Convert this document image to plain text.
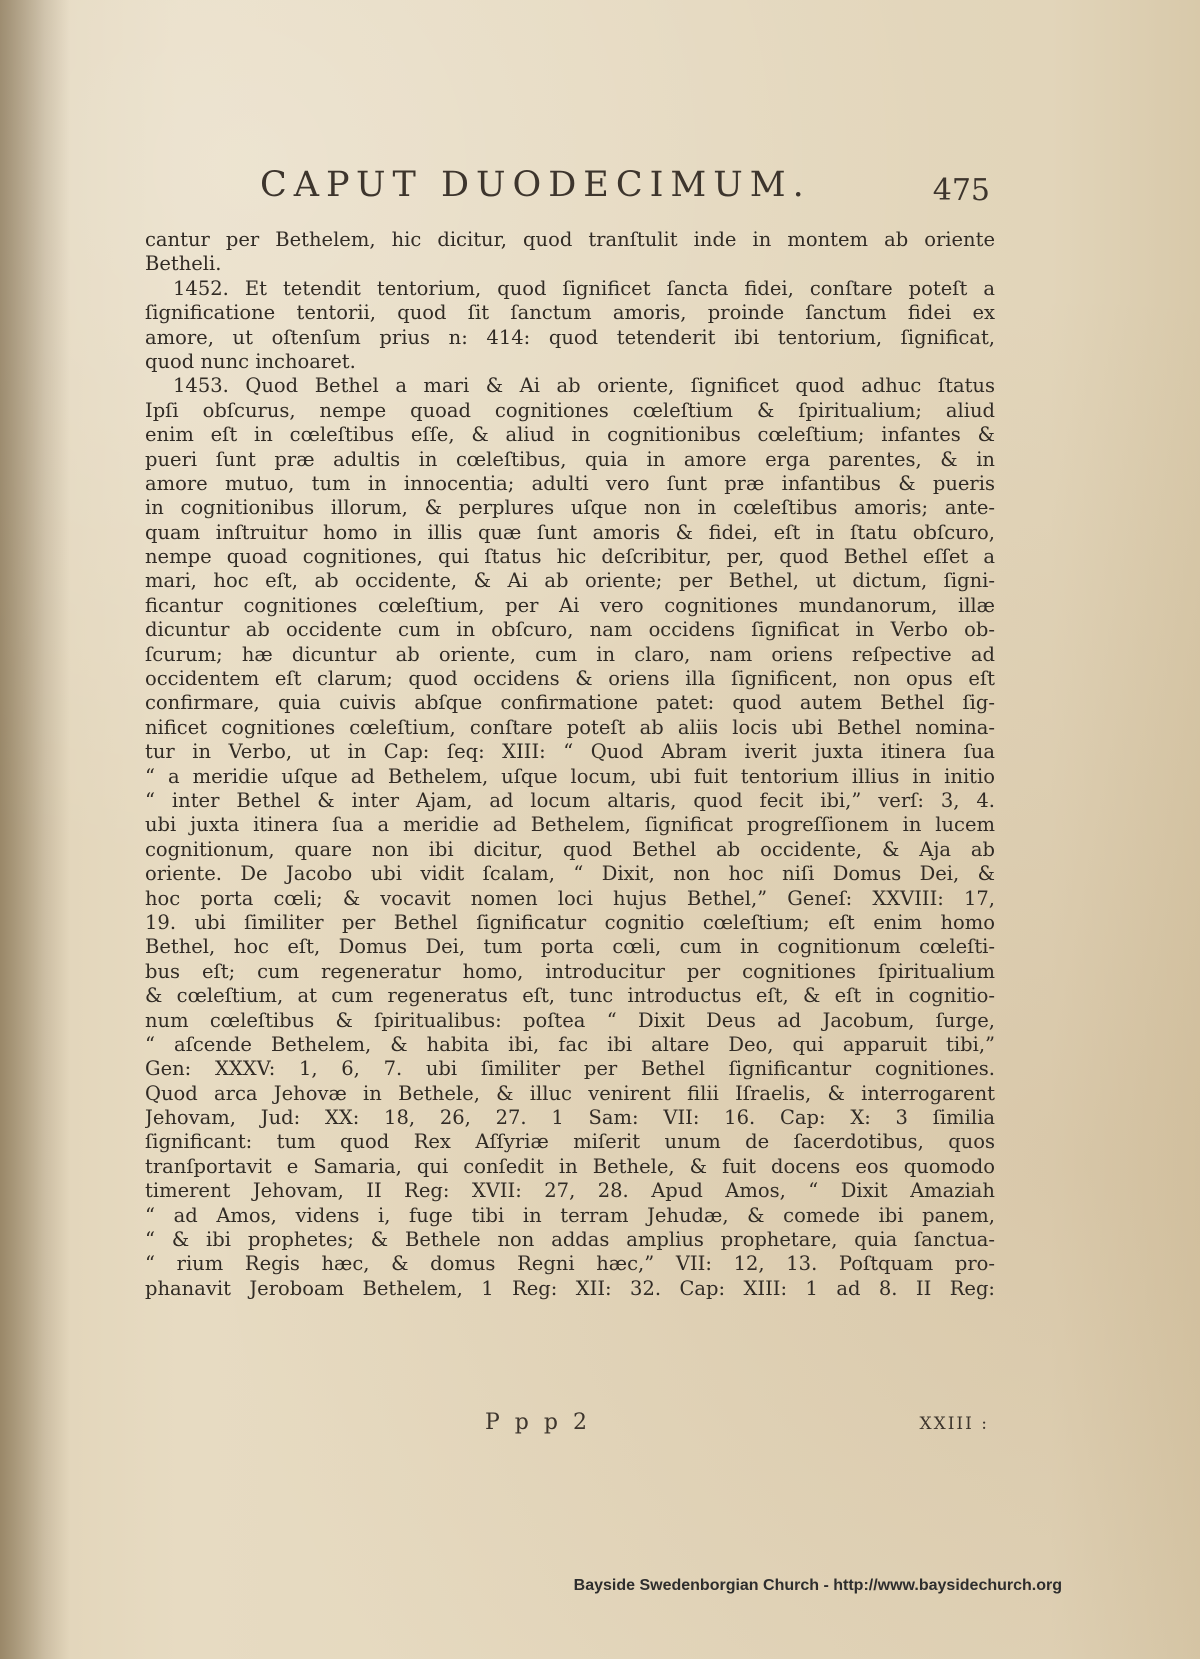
CAPUT DUODECIMUM.	475
cantur per Bethelem, hic dicitur, quod tranſtulit inde in montem ab oriente
Betheli.
1452. Et tetendit tentorium, quod ſignificet ſancta fidei, conſtare poteſt a
ſignificatione tentorii, quod ſit ſanctum amoris, proinde ſanctum fidei ex
amore, ut oſtenſum prius n: 414: quod tetenderit ibi tentorium, ſignificat,
quod nunc inchoaret.
1453. Quod Bethel a mari & Ai ab oriente, ſignificet quod adhuc ſtatus
Ipſi obſcurus, nempe quoad cognitiones cœleſtium & ſpiritualium; aliud
enim eſt in cœleſtibus eſſe, & aliud in cognitionibus cœleſtium; infantes &
pueri ſunt præ adultis in cœleſtibus, quia in amore erga parentes, & in
amore mutuo, tum in innocentia; adulti vero ſunt præ infantibus & pueris
in cognitionibus illorum, & perplures uſque non in cœleſtibus amoris; ante-
quam inſtruitur homo in illis quæ ſunt amoris & fidei, eſt in ſtatu obſcuro,
nempe quoad cognitiones, qui ſtatus hic deſcribitur, per, quod Bethel eſſet a
mari, hoc eſt, ab occidente, & Ai ab oriente; per Bethel, ut dictum, ſigni-
ficantur cognitiones cœleſtium, per Ai vero cognitiones mundanorum, illæ
dicuntur ab occidente cum in obſcuro, nam occidens ſignificat in Verbo ob-
ſcurum; hæ dicuntur ab oriente, cum in claro, nam oriens reſpective ad
occidentem eſt clarum; quod occidens & oriens illa ſignificent, non opus eſt
confirmare, quia cuivis abſque confirmatione patet: quod autem Bethel ſig-
nificet cognitiones cœleſtium, conſtare poteſt ab aliis locis ubi Bethel nomina-
tur in Verbo, ut in Cap: ſeq: XIII: “ Quod Abram iverit juxta itinera ſua
“ a meridie uſque ad Bethelem, uſque locum, ubi fuit tentorium illius in initio
“ inter Bethel & inter Ajam, ad locum altaris, quod fecit ibi,” verſ: 3, 4.
ubi juxta itinera ſua a meridie ad Bethelem, ſignificat progreſſionem in lucem
cognitionum, quare non ibi dicitur, quod Bethel ab occidente, & Aja ab
oriente. De Jacobo ubi vidit ſcalam, “ Dixit, non hoc niſi Domus Dei, &
hoc porta cœli; & vocavit nomen loci hujus Bethel,” Geneſ: XXVIII: 17,
19. ubi ſimiliter per Bethel ſignificatur cognitio cœleſtium; eſt enim homo
Bethel, hoc eſt, Domus Dei, tum porta cœli, cum in cognitionum cœleſti-
bus eſt; cum regeneratur homo, introducitur per cognitiones ſpiritualium
& cœleſtium, at cum regeneratus eſt, tunc introductus eſt, & eſt in cognitio-
num cœleſtibus & ſpiritualibus: poſtea “ Dixit Deus ad Jacobum, ſurge,
“ aſcende Bethelem, & habita ibi, fac ibi altare Deo, qui apparuit tibi,”
Gen: XXXV: 1, 6, 7. ubi ſimiliter per Bethel ſignificantur cognitiones.
Quod arca Jehovæ in Bethele, & illuc venirent filii Iſraelis, & interrogarent
Jehovam, Jud: XX: 18, 26, 27. 1 Sam: VII: 16. Cap: X: 3 ſimilia
ſignificant: tum quod Rex Aſſyriæ miſerit unum de ſacerdotibus, quos
tranſportavit e Samaria, qui conſedit in Bethele, & fuit docens eos quomodo
timerent Jehovam, II Reg: XVII: 27, 28. Apud Amos, “ Dixit Amaziah
“ ad Amos, videns i, fuge tibi in terram Jehudæ, & comede ibi panem,
“ & ibi prophetes; & Bethele non addas amplius prophetare, quia ſanctua-
“ rium Regis hæc, & domus Regni hæc,” VII: 12, 13. Poſtquam pro-
phanavit Jeroboam Bethelem, 1 Reg: XII: 32. Cap: XIII: 1 ad 8. II Reg:
P p p 2	XXIII :
Bayside Swedenborgian Church - http://www.baysidechurch.org
